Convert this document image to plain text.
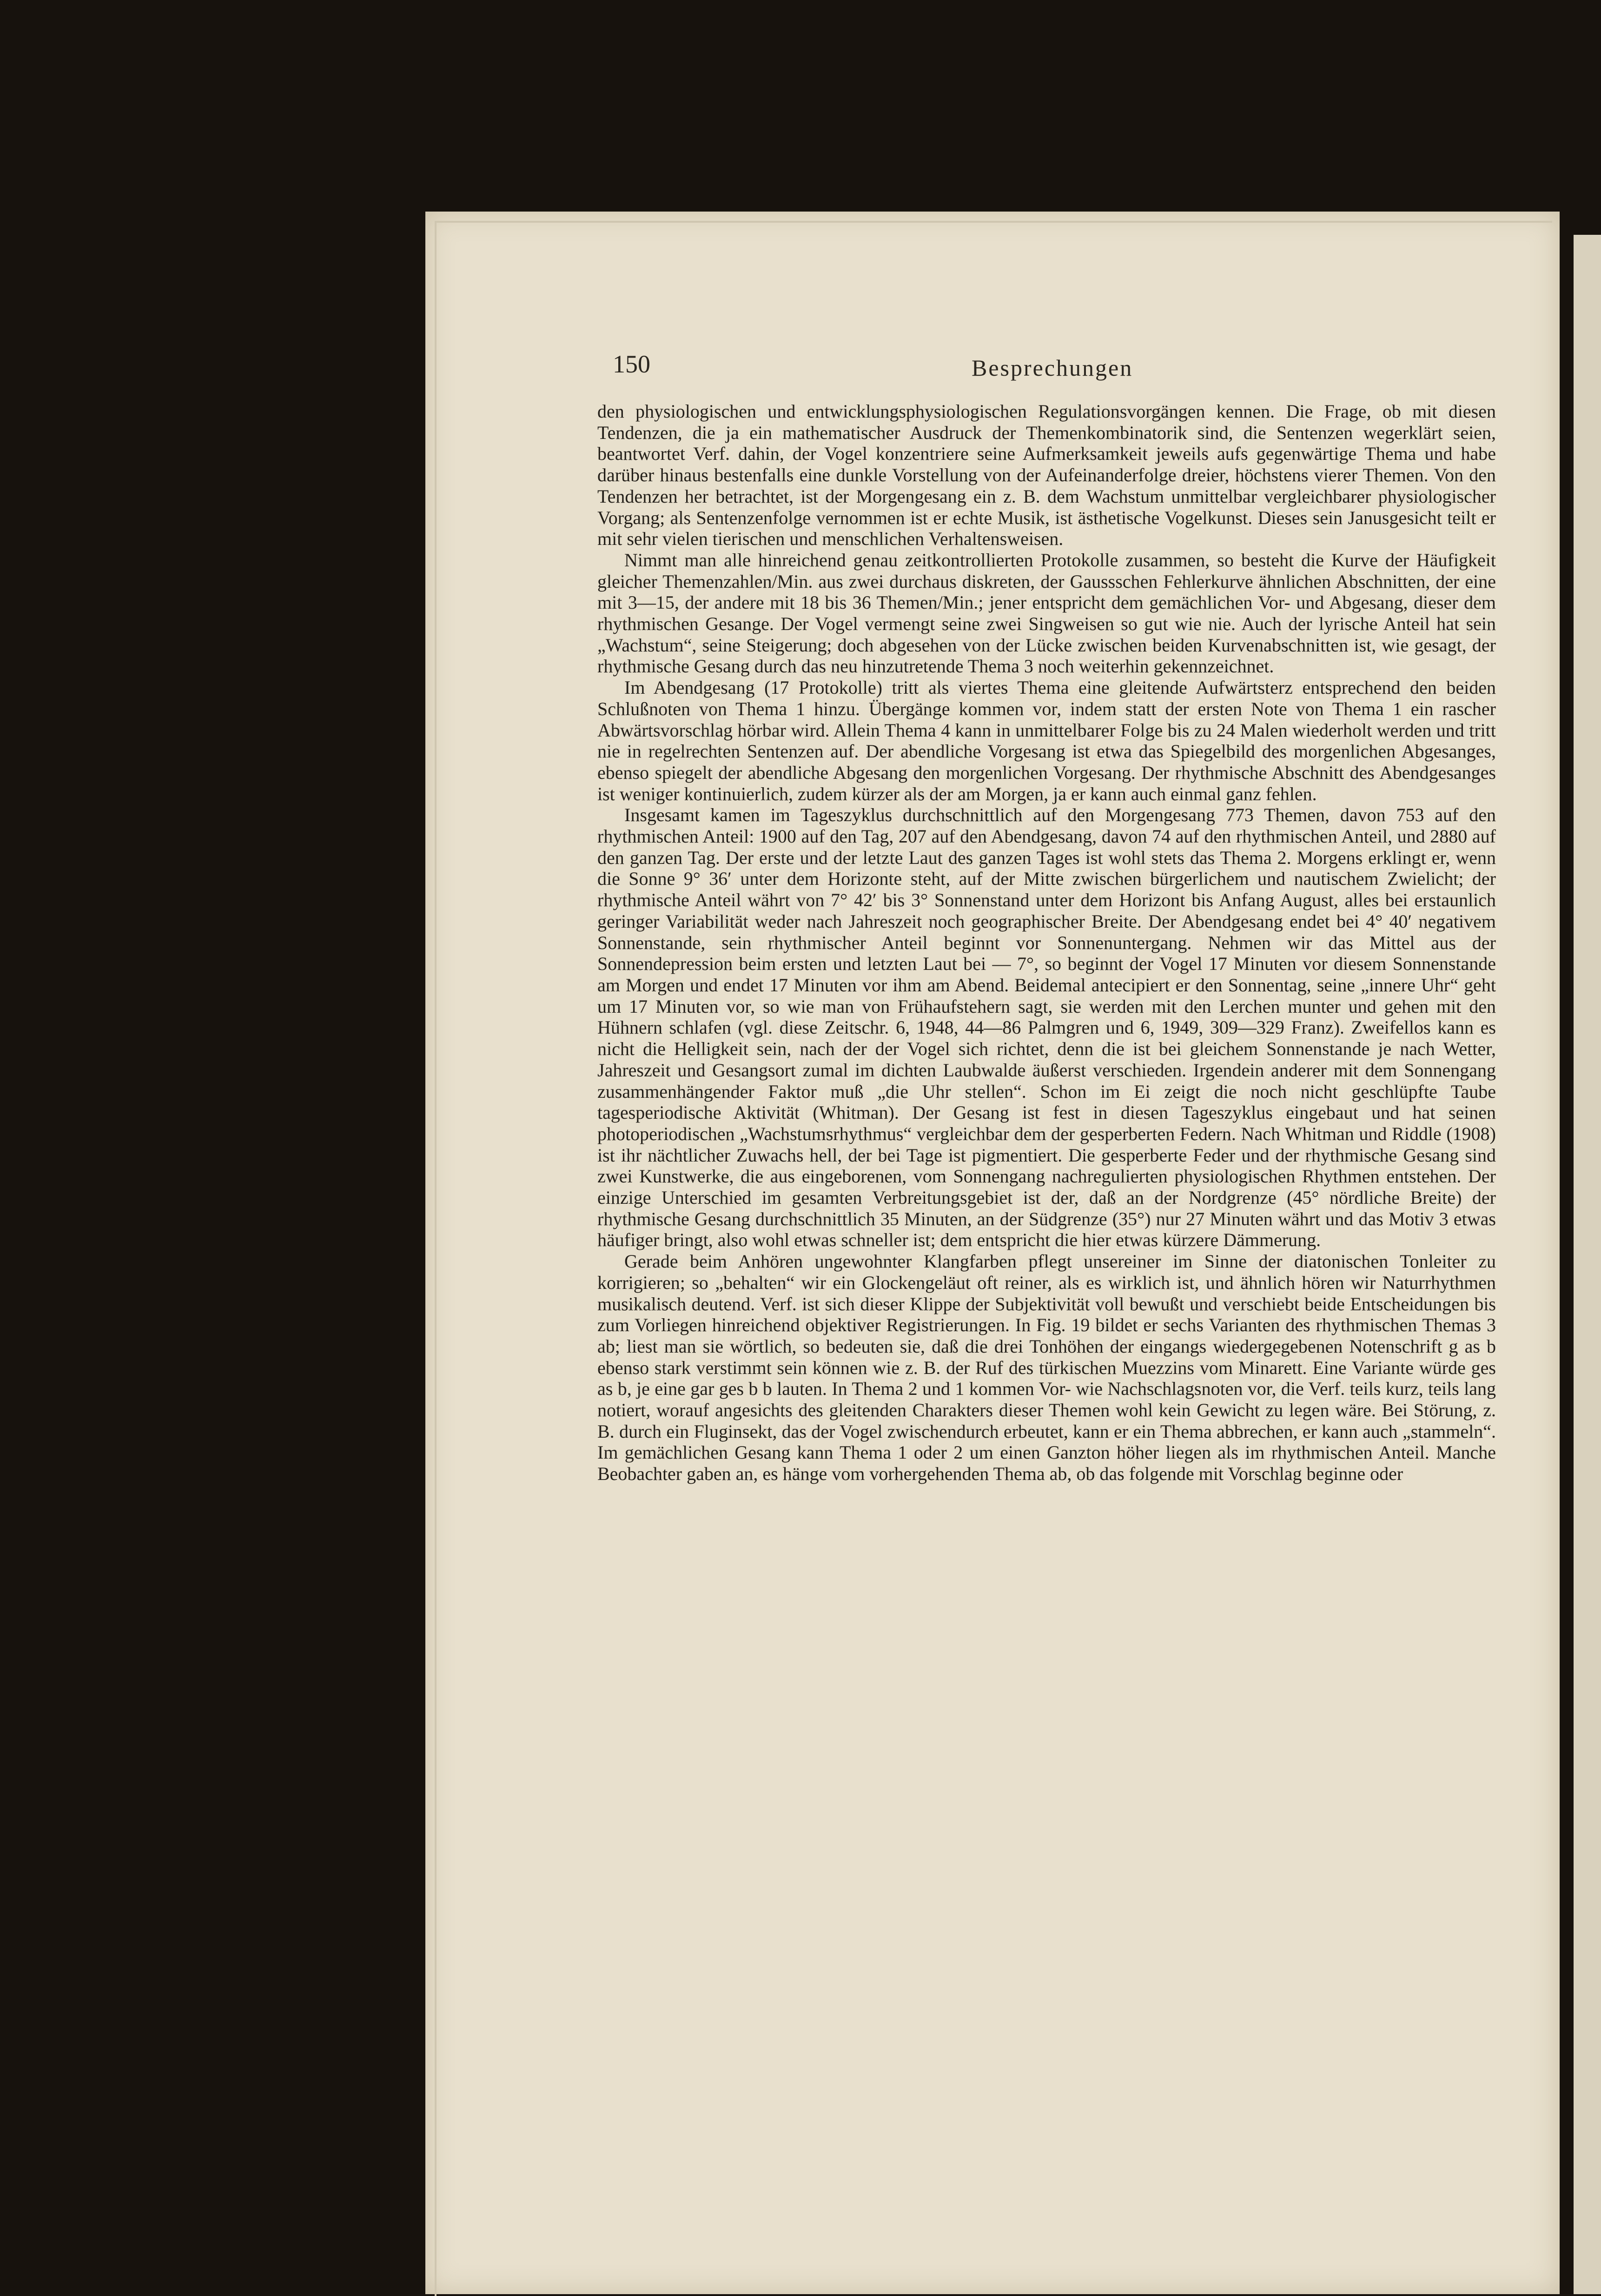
150	Besprechungen

den physiologischen und entwicklungsphysiologischen Regulationsvorgängen kennen. Die Frage, ob mit diesen Tendenzen, die ja ein mathematischer Ausdruck der Themenkombinatorik sind, die Sentenzen wegerklärt seien, beantwortet Verf. dahin, der Vogel konzentriere seine Aufmerksamkeit jeweils aufs gegenwärtige Thema und habe darüber hinaus bestenfalls eine dunkle Vorstellung von der Aufeinanderfolge dreier, höchstens vierer Themen. Von den Tendenzen her betrachtet, ist der Morgengesang ein z. B. dem Wachstum unmittelbar vergleichbarer physiologischer Vorgang; als Sentenzenfolge vernommen ist er echte Musik, ist ästhetische Vogelkunst. Dieses sein Janusgesicht teilt er mit sehr vielen tierischen und menschlichen Verhaltensweisen.

Nimmt man alle hinreichend genau zeitkontrollierten Protokolle zusammen, so besteht die Kurve der Häufigkeit gleicher Themenzahlen/Min. aus zwei durchaus diskreten, der Gaussschen Fehlerkurve ähnlichen Abschnitten, der eine mit 3—15, der andere mit 18 bis 36 Themen/Min.; jener entspricht dem gemächlichen Vor- und Abgesang, dieser dem rhythmischen Gesange. Der Vogel vermengt seine zwei Singweisen so gut wie nie. Auch der lyrische Anteil hat sein „Wachstum“, seine Steigerung; doch abgesehen von der Lücke zwischen beiden Kurvenabschnitten ist, wie gesagt, der rhythmische Gesang durch das neu hinzutretende Thema 3 noch weiterhin gekennzeichnet.

Im Abendgesang (17 Protokolle) tritt als viertes Thema eine gleitende Aufwärtsterz entsprechend den beiden Schlußnoten von Thema 1 hinzu. Übergänge kommen vor, indem statt der ersten Note von Thema 1 ein rascher Abwärtsvorschlag hörbar wird. Allein Thema 4 kann in unmittelbarer Folge bis zu 24 Malen wiederholt werden und tritt nie in regelrechten Sentenzen auf. Der abendliche Vorgesang ist etwa das Spiegelbild des morgenlichen Abgesanges, ebenso spiegelt der abendliche Abgesang den morgenlichen Vorgesang. Der rhythmische Abschnitt des Abendgesanges ist weniger kontinuierlich, zudem kürzer als der am Morgen, ja er kann auch einmal ganz fehlen.

Insgesamt kamen im Tageszyklus durchschnittlich auf den Morgengesang 773 Themen, davon 753 auf den rhythmischen Anteil: 1900 auf den Tag, 207 auf den Abendgesang, davon 74 auf den rhythmischen Anteil, und 2880 auf den ganzen Tag. Der erste und der letzte Laut des ganzen Tages ist wohl stets das Thema 2. Morgens erklingt er, wenn die Sonne 9° 36′ unter dem Horizonte steht, auf der Mitte zwischen bürgerlichem und nautischem Zwielicht; der rhythmische Anteil währt von 7° 42′ bis 3° Sonnenstand unter dem Horizont bis Anfang August, alles bei erstaunlich geringer Variabilität weder nach Jahreszeit noch geographischer Breite. Der Abendgesang endet bei 4° 40′ negativem Sonnenstande, sein rhythmischer Anteil beginnt vor Sonnenuntergang. Nehmen wir das Mittel aus der Sonnendepression beim ersten und letzten Laut bei — 7°, so beginnt der Vogel 17 Minuten vor diesem Sonnenstande am Morgen und endet 17 Minuten vor ihm am Abend. Beidemal antecipiert er den Sonnentag, seine „innere Uhr“ geht um 17 Minuten vor, so wie man von Frühaufstehern sagt, sie werden mit den Lerchen munter und gehen mit den Hühnern schlafen (vgl. diese Zeitschr. 6, 1948, 44—86 Palmgren und 6, 1949, 309—329 Franz). Zweifellos kann es nicht die Helligkeit sein, nach der der Vogel sich richtet, denn die ist bei gleichem Sonnenstande je nach Wetter, Jahreszeit und Gesangsort zumal im dichten Laubwalde äußerst verschieden. Irgendein anderer mit dem Sonnengang zusammenhängender Faktor muß „die Uhr stellen“. Schon im Ei zeigt die noch nicht geschlüpfte Taube tagesperiodische Aktivität (Whitman). Der Gesang ist fest in diesen Tageszyklus eingebaut und hat seinen photoperiodischen „Wachstumsrhythmus“ vergleichbar dem der gesperberten Federn. Nach Whitman und Riddle (1908) ist ihr nächtlicher Zuwachs hell, der bei Tage ist pigmentiert. Die gesperberte Feder und der rhythmische Gesang sind zwei Kunstwerke, die aus eingeborenen, vom Sonnengang nachregulierten physiologischen Rhythmen entstehen. Der einzige Unterschied im gesamten Verbreitungsgebiet ist der, daß an der Nordgrenze (45° nördliche Breite) der rhythmische Gesang durchschnittlich 35 Minuten, an der Südgrenze (35°) nur 27 Minuten währt und das Motiv 3 etwas häufiger bringt, also wohl etwas schneller ist; dem entspricht die hier etwas kürzere Dämmerung.

Gerade beim Anhören ungewohnter Klangfarben pflegt unsereiner im Sinne der diatonischen Tonleiter zu korrigieren; so „behalten“ wir ein Glockengeläut oft reiner, als es wirklich ist, und ähnlich hören wir Naturrhythmen musikalisch deutend. Verf. ist sich dieser Klippe der Subjektivität voll bewußt und verschiebt beide Entscheidungen bis zum Vorliegen hinreichend objektiver Registrierungen. In Fig. 19 bildet er sechs Varianten des rhythmischen Themas 3 ab; liest man sie wörtlich, so bedeuten sie, daß die drei Tonhöhen der eingangs wiedergegebenen Notenschrift g as b ebenso stark verstimmt sein können wie z. B. der Ruf des türkischen Muezzins vom Minarett. Eine Variante würde ges as b, je eine gar ges b b lauten. In Thema 2 und 1 kommen Vor- wie Nachschlagsnoten vor, die Verf. teils kurz, teils lang notiert, worauf angesichts des gleitenden Charakters dieser Themen wohl kein Gewicht zu legen wäre. Bei Störung, z. B. durch ein Fluginsekt, das der Vogel zwischendurch erbeutet, kann er ein Thema abbrechen, er kann auch „stammeln“. Im gemächlichen Gesang kann Thema 1 oder 2 um einen Ganzton höher liegen als im rhythmischen Anteil. Manche Beobachter gaben an, es hänge vom vorhergehenden Thema ab, ob das folgende mit Vorschlag beginne oder
